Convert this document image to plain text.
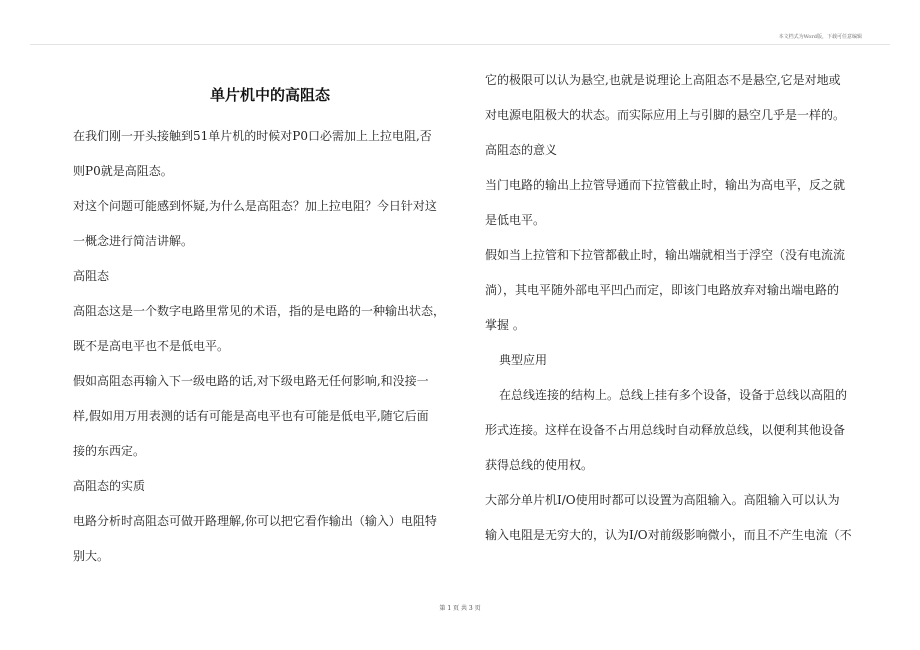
本文档式为Word版，下载可任意编辑
单片机中的高阻态

在我们刚一开头接触到51单片机的时候对P0口必需加上上拉电阻,否

则P0就是高阻态。

对这个问题可能感到怀疑,为什么是高阻态？加上拉电阻？今日针对这

一概念进行简洁讲解。

高阻态

高阻态这是一个数字电路里常见的术语，指的是电路的一种输出状态，

既不是高电平也不是低电平。

假如高阻态再输入下一级电路的话,对下级电路无任何影响,和没接一

样,假如用万用表测的话有可能是高电平也有可能是低电平,随它后面

接的东西定。

高阻态的实质

电路分析时高阻态可做开路理解,你可以把它看作输出（输入）电阻特

别大。

它的极限可以认为悬空,也就是说理论上高阻态不是悬空,它是对地或

对电源电阻极大的状态。而实际应用上与引脚的悬空几乎是一样的。

高阻态的意义

当门电路的输出上拉管导通而下拉管截止时，输出为高电平，反之就

是低电平。

假如当上拉管和下拉管都截止时，输出端就相当于浮空（没有电流流

淌），其电平随外部电平凹凸而定，即该门电路放弃对输出端电路的

掌握 。

典型应用

在总线连接的结构上。总线上挂有多个设备，设备于总线以高阻的

形式连接。这样在设备不占用总线时自动释放总线，以便利其他设备

获得总线的使用权。

大部分单片机I/O使用时都可以设置为高阻输入。高阻输入可以认为

输入电阻是无穷大的，认为I/O对前级影响微小，而且不产生电流（不

第 1 页 共 3 页
